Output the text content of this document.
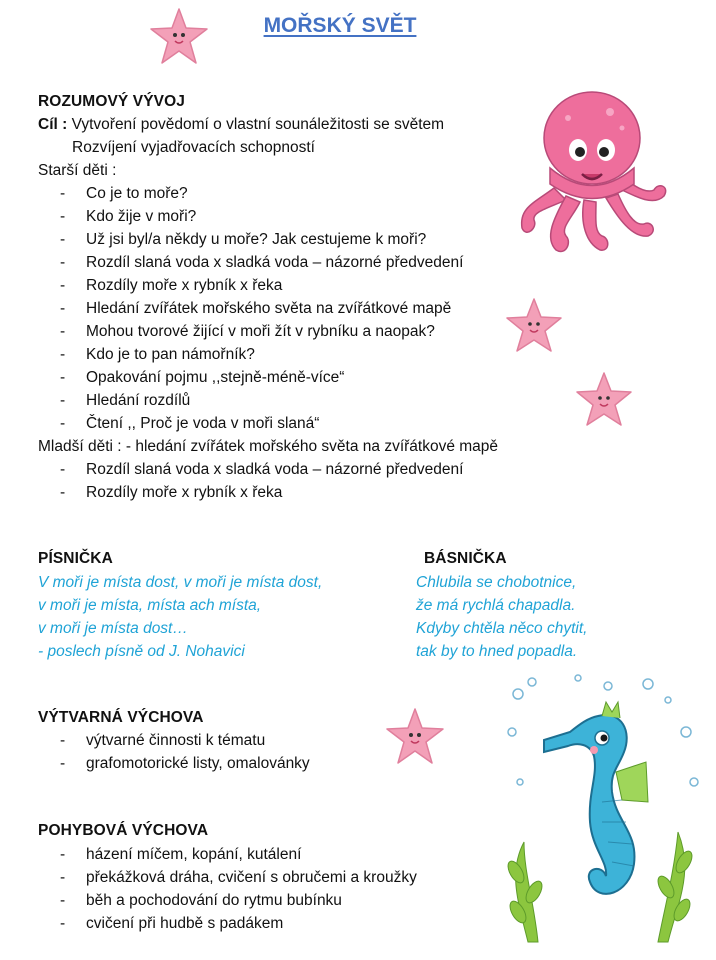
MOŘSKÝ SVĚT
ROZUMOVÝ VÝVOJ
Cíl : Vytvoření povědomí o vlastní sounáležitosti se světem
Rozvíjení vyjadřovacích schopností
Starší děti :
- Co je to moře?
- Kdo žije v moři?
- Už jsi byl/a někdy u moře? Jak cestujeme k moři?
- Rozdíl slaná voda x sladká voda – názorné předvedení
- Rozdíly moře x rybník x řeka
- Hledání zvířátek mořského světa na zvířátkové mapě
- Mohou tvorové žijící v moři žít v rybníku a naopak?
- Kdo je to pan námořník?
- Opakování pojmu ,,stejně-méně-více“
- Hledání rozdílů
- Čtení ,, Proč je voda v moři slaná“
Mladší děti : - hledání zvířátek mořského světa na zvířátkové mapě
- Rozdíl slaná voda x sladká voda – názorné předvedení
- Rozdíly moře x rybník x řeka
PÍSNIČKA
V moři je místa dost, v moři je místa dost,
v moři je místa, místa ach místa,
v moři je místa dost…
- poslech písně od J. Nohavici
BÁSNIČKA
Chlubila se chobotnice,
že má rychlá chapadla.
Kdyby chtěla něco chytit,
tak by to hned popadla.
VÝTVARNÁ VÝCHOVA
- výtvarné činnosti k tématu
- grafomotorické listy, omalovánky
POHYBOVÁ VÝCHOVA
- házení míčem, kopání, kutálení
- překážková dráha, cvičení s obručemi a kroužky
- běh a pochodování do rytmu bubínku
- cvičení při hudbě s padákem
